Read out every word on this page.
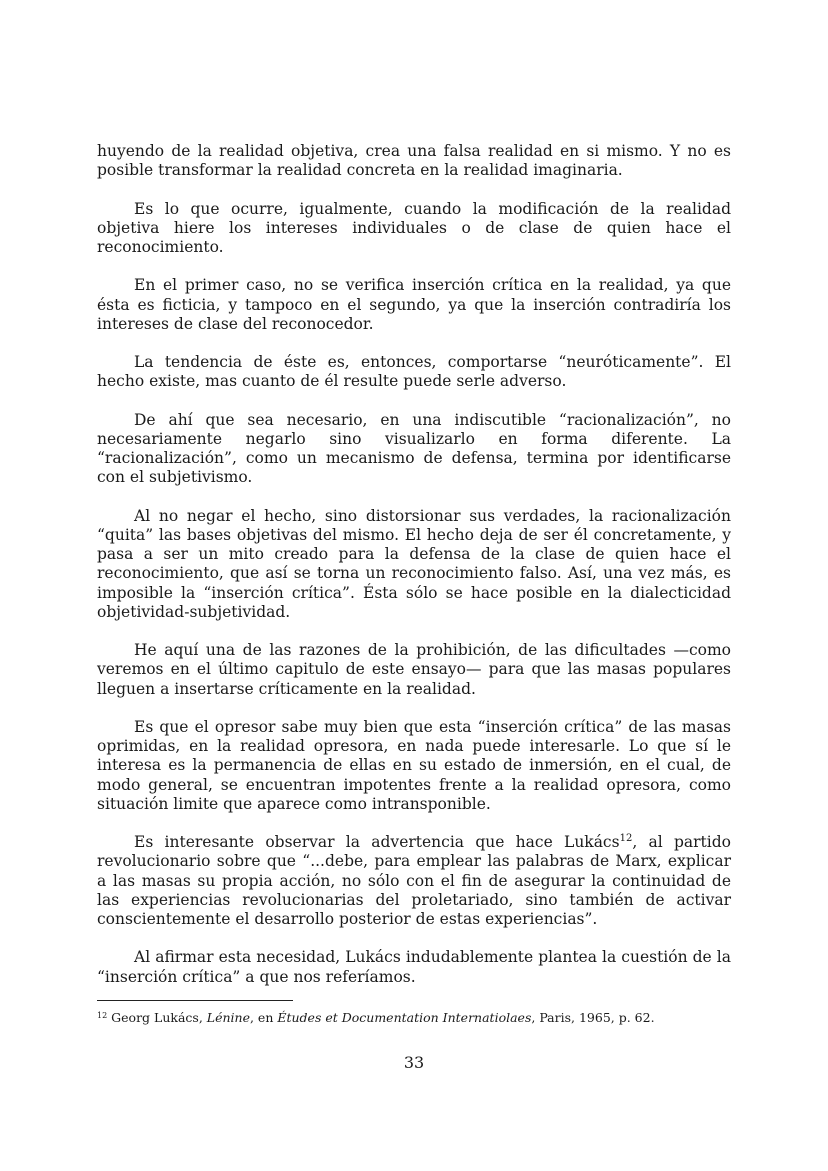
huyendo de la realidad objetiva, crea una falsa realidad en si mismo. Y no es posible transformar la realidad concreta en la realidad imaginaria.

Es lo que ocurre, igualmente, cuando la modificación de la realidad objetiva hiere los intereses individuales o de clase de quien hace el reconocimiento.

En el primer caso, no se verifica inserción crítica en la realidad, ya que ésta es ficticia, y tampoco en el segundo, ya que la inserción contradiría los intereses de clase del reconocedor.

La tendencia de éste es, entonces, comportarse “neuróticamente”. El hecho existe, mas cuanto de él resulte puede serle adverso.

De ahí que sea necesario, en una indiscutible “racionalización”, no necesariamente negarlo sino visualizarlo en forma diferente. La “racionalización”, como un mecanismo de defensa, termina por identificarse con el subjetivismo.

Al no negar el hecho, sino distorsionar sus verdades, la racionalización “quita” las bases objetivas del mismo. El hecho deja de ser él concretamente, y pasa a ser un mito creado para la defensa de la clase de quien hace el reconocimiento, que así se torna un reconocimiento falso. Así, una vez más, es imposible la “inserción crítica”. Ésta sólo se hace posible en la dialecticidad objetividad-subjetividad.

He aquí una de las razones de la prohibición, de las dificultades —como veremos en el último capitulo de este ensayo— para que las masas populares lleguen a insertarse críticamente en la realidad.

Es que el opresor sabe muy bien que esta “inserción crítica” de las masas oprimidas, en la realidad opresora, en nada puede interesarle. Lo que sí le interesa es la permanencia de ellas en su estado de inmersión, en el cual, de modo general, se encuentran impotentes frente a la realidad opresora, como situación limite que aparece como intransponible.

Es interesante observar la advertencia que hace Lukács$^{12}$, al partido revolucionario sobre que “...debe, para emplear las palabras de Marx, explicar a las masas su propia acción, no sólo con el fin de asegurar la continuidad de las experiencias revolucionarias del proletariado, sino también de activar conscientemente el desarrollo posterior de estas experiencias”.

Al afirmar esta necesidad, Lukács indudablemente plantea la cuestión de la “inserción crítica” a que nos referíamos.

$^{12}$ Georg Lukács, Lénine, en Études et Documentation Internatiolaes, Paris, 1965, p. 62.
33
